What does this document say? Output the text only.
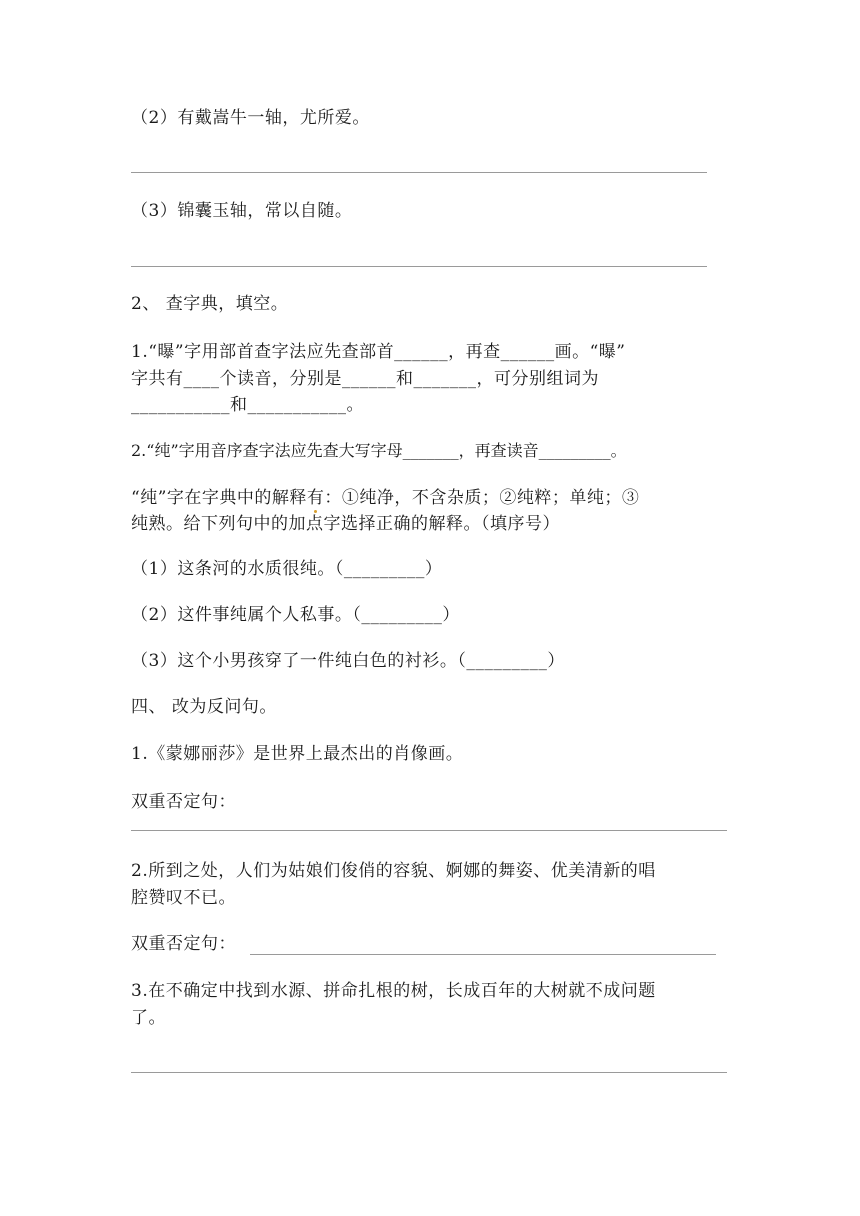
（2）有戴嵩牛一轴，尤所爱。
（3）锦囊玉轴，常以自随。
2、 查字典，填空。
1.“曝”字用部首查字法应先查部首______，再查______画。“曝”
字共有____个读音，分别是______和_______，可分别组词为
___________和___________。
2.“纯”字用音序查字法应先查大写字母_______，再查读音_________。
“纯”字在字典中的解释有：①纯净，不含杂质；②纯粹；单纯；③
纯熟。给下列句中的加点字选择正确的解释。（填序号）
（1）这条河的水质很纯。（_________）
（2）这件事纯属个人私事。（_________）
（3）这个小男孩穿了一件纯白色的衬衫。（_________）
四、 改为反问句。
1.《蒙娜丽莎》是世界上最杰出的肖像画。
双重否定句：
2.所到之处，人们为姑娘们俊俏的容貌、婀娜的舞姿、优美清新的唱
腔赞叹不已。
双重否定句：
3.在不确定中找到水源、拼命扎根的树，长成百年的大树就不成问题
了。
